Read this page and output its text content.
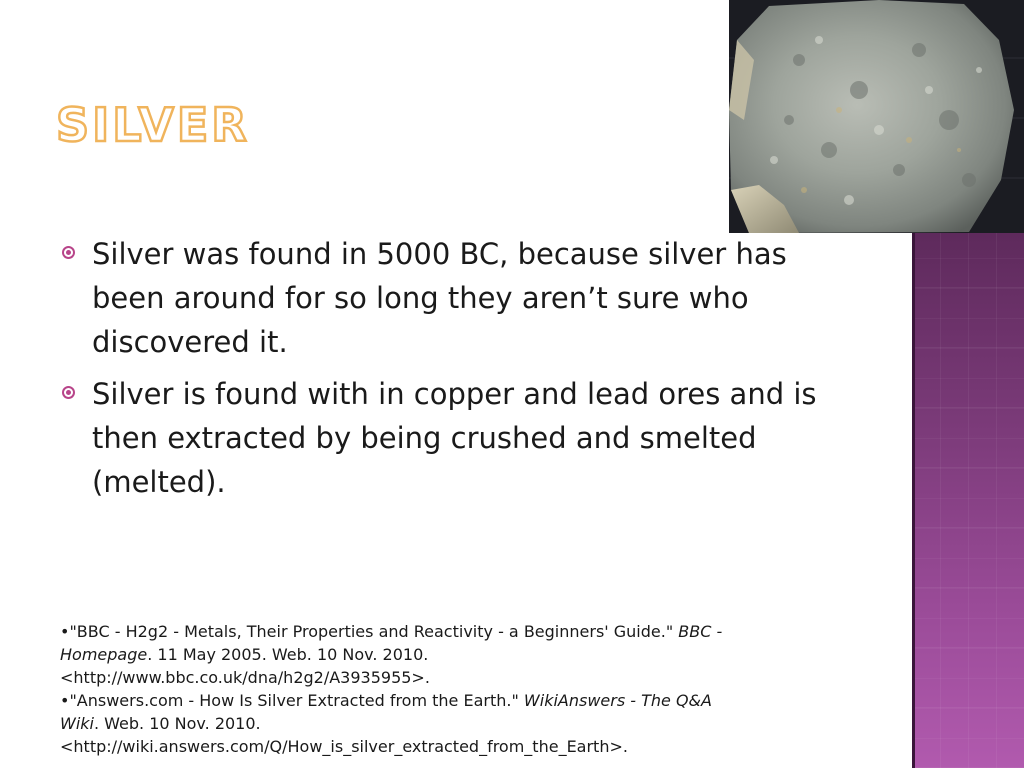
SILVER
Silver was found in 5000 BC, because silver has been around for so long they aren’t sure who discovered it.
Silver is found with in copper and lead ores and is then extracted by being crushed and smelted (melted).
•"BBC - H2g2 - Metals, Their Properties and Reactivity - a Beginners' Guide." BBC -
Homepage. 11 May 2005. Web. 10 Nov. 2010.
<http://www.bbc.co.uk/dna/h2g2/A3935955>.
•"Answers.com - How Is Silver Extracted from the Earth." WikiAnswers - The Q&A
Wiki. Web. 10 Nov. 2010.
<http://wiki.answers.com/Q/How_is_silver_extracted_from_the_Earth>.
